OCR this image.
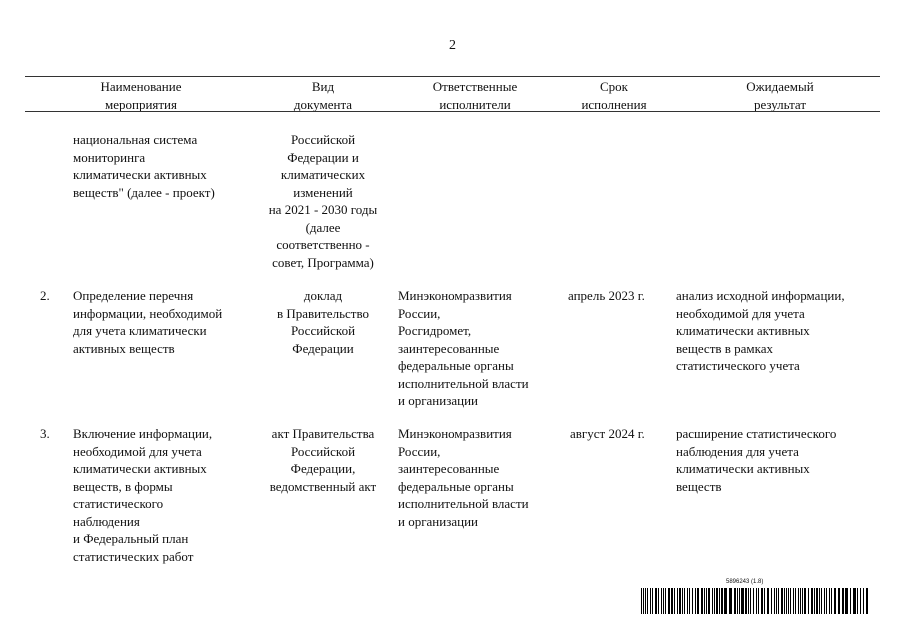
2
Наименование
мероприятия
Вид
документа
Ответственные
исполнители
Срок
исполнения
Ожидаемый
результат
национальная система
мониторинга
климатически активных
веществ" (далее - проект)
Российской
Федерации и
климатических
изменений
на 2021 - 2030 годы
(далее
соответственно -
совет, Программа)
2. Определение перечня
информации, необходимой
для учета климатически
активных веществ
доклад
в Правительство
Российской
Федерации
Минэкономразвития
России,
Росгидромет,
заинтересованные
федеральные органы
исполнительной власти
и организации
апрель 2023 г. анализ исходной информации,
необходимой для учета
климатически активных
веществ в рамках
статистического учета
3. Включение информации,
необходимой для учета
климатически активных
веществ, в формы
статистического
наблюдения
и Федеральный план
статистических работ
акт Правительства
Российской
Федерации,
ведомственный акт
Минэкономразвития
России,
заинтересованные
федеральные органы
исполнительной власти
и организации
август 2024 г. расширение статистического
наблюдения для учета
климатически активных
веществ
5896243 (1.8)
